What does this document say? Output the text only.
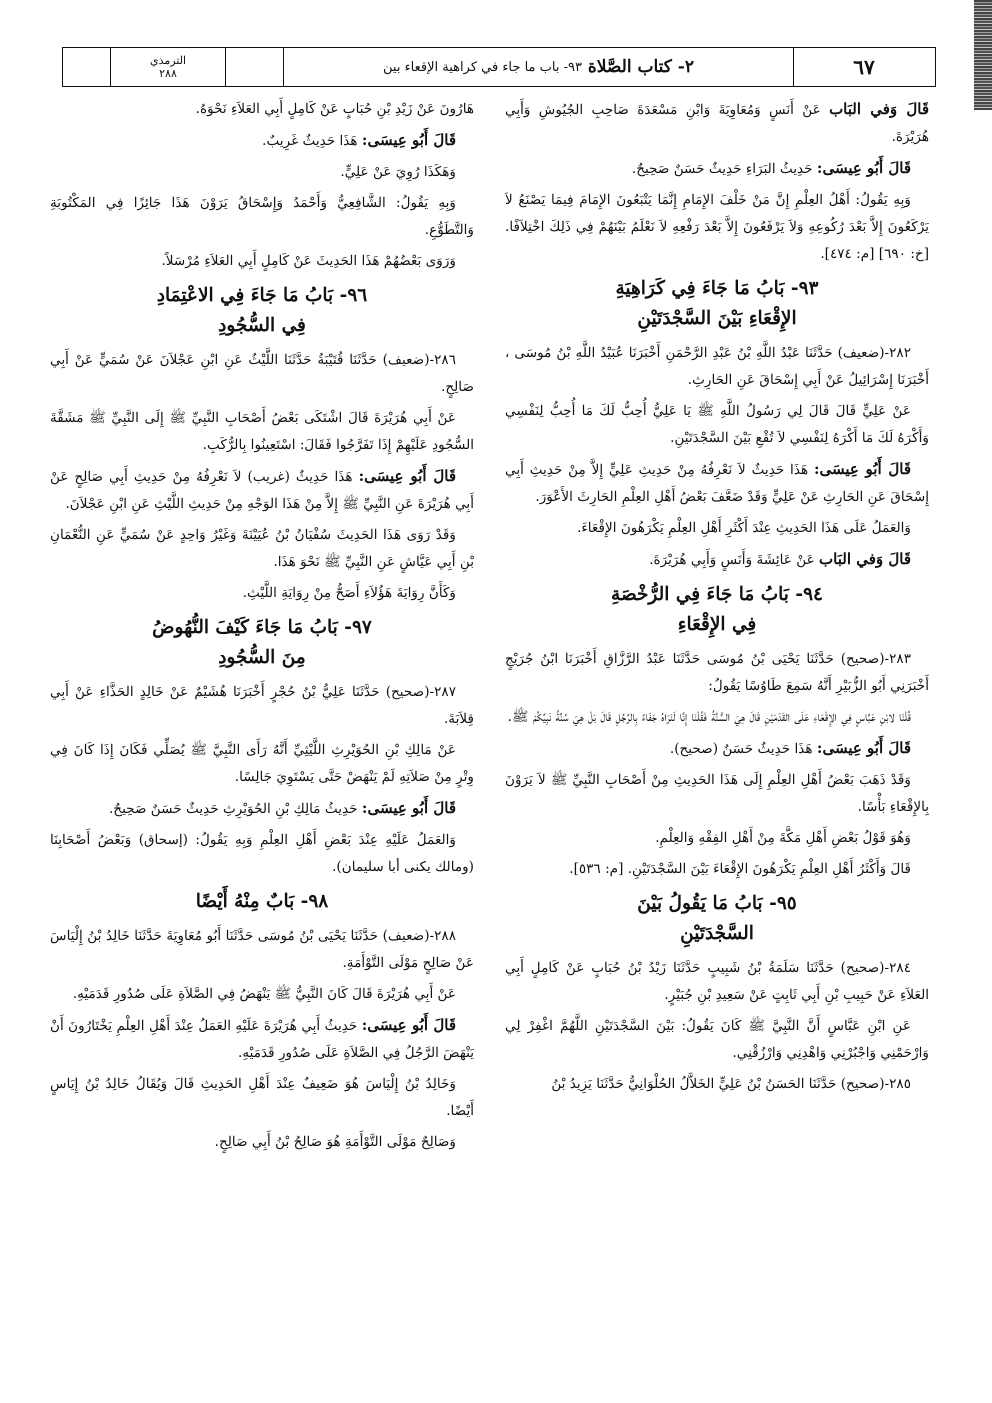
الترمذي
٢٨٨	٢- كتاب الصَّلاة

٩٣- باب ما جاء في كراهية الإقعاء بين	٦٧

قَالَ وَفي البَاب عَنْ أَنَسٍ وَمُعَاوِيَةَ وَابْنِ مَسْعَدَةَ صَاحِبِ الجُيُوشِ وَأَبِي هُرَيْرَةَ.

قَالَ أَبُو عِيسَى: حَدِيثُ البَرَاءِ حَدِيثٌ حَسَنٌ صَحِيحٌ.

وَبِهِ يَقُولُ: أَهْلُ العِلْمِ إِنَّ مَنْ خَلْفَ الإِمَامِ إِنَّمَا يَتْبَعُونَ الإِمَامَ فِيمَا يَصْنَعُ لاَ يَرْكَعُونَ إِلاَّ بَعْدَ رُكُوعِهِ وَلاَ يَرْفَعُونَ إِلاَّ بَعْدَ رَفْعِهِ لاَ نَعْلَمُ بَيْنَهُمْ فِي ذَلِكَ اخْتِلاَفًا. [خ: ٦٩٠] [م: ٤٧٤].

٩٣- بَابُ مَا جَاءَ فِي كَرَاهِيَةِ
الإِقْعَاءِ بَيْنَ السَّجْدَتَيْنِ

٢٨٢-(ضعيف) حَدَّثَنَا عَبْدُ اللَّهِ بْنُ عَبْدِ الرَّحْمَنِ أَخْبَرَنَا عُبَيْدُ اللَّهِ بْنُ مُوسَى ، أَخْبَرَنَا إِسْرَائِيلُ عَنْ أَبِي إِسْحَاقَ عَنِ الحَارِثِ.

عَنْ عَلِيٍّ قَالَ قَالَ لِي رَسُولُ اللَّهِ ﷺ يَا عَلِيُّ أُحِبُّ لَكَ مَا أُحِبُّ لِنَفْسِي وَأَكْرَهُ لَكَ مَا أَكْرَهُ لِنَفْسِي لاَ تُقْعِ بَيْنَ السَّجْدَتَيْنِ.

قَالَ أَبُو عِيسَى: هَذَا حَدِيثٌ لاَ نَعْرِفُهُ مِنْ حَدِيثِ عَلِيٍّ إِلاَّ مِنْ حَدِيثِ أَبِي إِسْحَاقَ عَنِ الحَارِثِ عَنْ عَلِيٍّ وَقَدْ ضَعَّفَ بَعْضُ أَهْلِ العِلْمِ الحَارِثَ الأَعْوَرَ.

وَالعَمَلُ عَلَى هَذَا الحَدِيثِ عِنْدَ أَكْثَرِ أَهْلِ العِلْمِ يَكْرَهُونَ الإِقْعَاءَ.

قَالَ وَفي البَاب عَنْ عَائِشَةَ وَأَنَسٍ وَأَبِي هُرَيْرَةَ.

٩٤- بَابُ مَا جَاءَ فِي الرُّخْصَةِ
فِي الإِقْعَاءِ

٢٨٣-(صحيح) حَدَّثَنَا يَحْيَى بْنُ مُوسَى حَدَّثَنَا عَبْدُ الرَّزَّاقِ أَخْبَرَنَا ابْنُ جُرَيْجٍ أَخْبَرَنِي أَبُو الزُّبَيْرِ أَنَّهُ سَمِعَ طَاوُسًا يَقُولُ:

قُلْنَا لابْنِ عَبَّاسٍ فِي الإِقْعَاءِ عَلَى القَدَمَيْنِ قَالَ هِيَ السُّنَّةُ فَقُلْنَا إِنَّا لَنَرَاهُ جَفَاءً بِالرَّجُلِ قَالَ بَلْ هِيَ سُنَّةُ نَبِيِّكُمْ ﷺ.

قَالَ أَبُو عِيسَى: هَذَا حَدِيثٌ حَسَنٌ (صحيح).

وَقَدْ ذَهَبَ بَعْضُ أَهْلِ العِلْمِ إِلَى هَذَا الحَدِيثِ مِنْ أَصْحَابِ النَّبِيِّ ﷺ لاَ يَرَوْنَ بِالإِقْعَاءِ بَأْسًا.

وَهُوَ قَوْلُ بَعْضِ أَهْلِ مَكَّةَ مِنْ أَهْلِ الفِقْهِ وَالعِلْمِ.

قَالَ وَأَكْثَرُ أَهْلِ العِلْمِ يَكْرَهُونَ الإِقْعَاءَ بَيْنَ السَّجْدَتَيْنِ. [م: ٥٣٦].

٩٥- بَابُ مَا يَقُولُ بَيْنَ
السَّجْدَتَيْنِ

٢٨٤-(صحيح) حَدَّثَنَا سَلَمَةُ بْنُ شَبِيبٍ حَدَّثَنَا زَيْدُ بْنُ حُبَابٍ عَنْ كَامِلٍ أَبِي العَلاَءِ عَنْ حَبِيبِ بْنِ أَبِي ثَابِتٍ عَنْ سَعِيدِ بْنِ جُبَيْرٍ.

عَنِ ابْنِ عَبَّاسٍ أَنَّ النَّبِيَّ ﷺ كَانَ يَقُولُ: بَيْنَ السَّجْدَتَيْنِ اللَّهُمَّ اغْفِرْ لِي وَارْحَمْنِي وَاجْبُرْنِي وَاهْدِنِي وَارْزُقْنِي.

٢٨٥-(صحيح) حَدَّثَنَا الحَسَنُ بْنُ عَلِيٍّ الخَلاَّلُ الحُلْوَانِيُّ حَدَّثَنَا يَزِيدُ بْنُ

هَارُونَ عَنْ زَيْدِ بْنِ حُبَابٍ عَنْ كَامِلٍ أَبِي العَلاَءِ نَحْوَهُ.

قَالَ أَبُو عِيسَى: هَذَا حَدِيثٌ غَرِيبٌ.

وَهَكَذَا رُوِيَ عَنْ عَلِيٍّ.

وَبِهِ يَقُولُ: الشَّافِعِيُّ وَأَحْمَدُ وَإِسْحَاقُ يَرَوْنَ هَذَا جَائِزًا فِي المَكْتُوبَةِ وَالتَّطَوُّعِ.

وَرَوَى بَعْضُهُمْ هَذَا الحَدِيثَ عَنْ كَامِلٍ أَبِي العَلاَءِ مُرْسَلاً.

٩٦- بَابُ مَا جَاءَ فِي الاعْتِمَادِ
فِي السُّجُودِ

٢٨٦-(ضعيف) حَدَّثَنَا قُتَيْبَةُ حَدَّثَنَا اللَّيْثُ عَنِ ابْنِ عَجْلاَنَ عَنْ سُمَيٍّ عَنْ أَبِي صَالِحٍ.

عَنْ أَبِي هُرَيْرَةَ قَالَ اشْتَكَى بَعْضُ أَصْحَابِ النَّبِيِّ ﷺ إِلَى النَّبِيِّ ﷺ مَشَقَّةَ السُّجُودِ عَلَيْهِمْ إِذَا تَفَرَّجُوا فَقَالَ: اسْتَعِينُوا بِالرُّكَبِ.

قَالَ أَبُو عِيسَى: هَذَا حَدِيثٌ (غريب) لاَ نَعْرِفُهُ مِنْ حَدِيثِ أَبِي صَالِحٍ عَنْ أَبِي هُرَيْرَةَ عَنِ النَّبِيِّ ﷺ إِلاَّ مِنْ هَذَا الوَجْهِ مِنْ حَدِيثِ اللَّيْثِ عَنِ ابْنِ عَجْلاَنَ.

وَقَدْ رَوَى هَذَا الحَدِيثَ سُفْيَانُ بْنُ عُيَيْنَةَ وَغَيْرُ وَاحِدٍ عَنْ سُمَيٍّ عَنِ النُّعْمَانِ بْنِ أَبِي عَيَّاشٍ عَنِ النَّبِيِّ ﷺ نَحْوَ هَذَا.

وَكَأَنَّ رِوَايَةَ هَؤُلاَءِ أَصَحُّ مِنْ رِوَايَةِ اللَّيْثِ.

٩٧- بَابُ مَا جَاءَ كَيْفَ النُّهُوضُ
مِنَ السُّجُودِ

٢٨٧-(صحيح) حَدَّثَنَا عَلِيُّ بْنُ حُجْرٍ أَخْبَرَنَا هُشَيْمٌ عَنْ خَالِدٍ الحَذَّاءِ عَنْ أَبِي قِلاَبَةَ.

عَنْ مَالِكِ بْنِ الحُوَيْرِثِ اللَّيْثِيِّ أَنَّهُ رَأَى النَّبِيَّ ﷺ يُصَلِّي فَكَانَ إِذَا كَانَ فِي وِتْرٍ مِنْ صَلاَتِهِ لَمْ يَنْهَضْ حَتَّى يَسْتَوِيَ جَالِسًا.

قَالَ أَبُو عِيسَى: حَدِيثُ مَالِكِ بْنِ الحُوَيْرِثِ حَدِيثٌ حَسَنٌ صَحِيحٌ.

وَالعَمَلُ عَلَيْهِ عِنْدَ بَعْضِ أَهْلِ العِلْمِ وَبِهِ يَقُولُ: (إسحاق) وَبَعْضُ أَصْحَابِنَا (ومالك يكنى أبا سليمان).

٩٨- بَابٌ مِنْهُ أَيْضًا

٢٨٨-(ضعيف) حَدَّثَنَا يَحْيَى بْنُ مُوسَى حَدَّثَنَا أَبُو مُعَاوِيَةَ حَدَّثَنَا خَالِدُ بْنُ إِلْيَاسَ عَنْ صَالِحٍ مَوْلَى التَّوْأَمَةِ.

عَنْ أَبِي هُرَيْرَةَ قَالَ كَانَ النَّبِيُّ ﷺ يَنْهَضُ فِي الصَّلاَةِ عَلَى صُدُورِ قَدَمَيْهِ.

قَالَ أَبُو عِيسَى: حَدِيثُ أَبِي هُرَيْرَةَ عَلَيْهِ العَمَلُ عِنْدَ أَهْلِ العِلْمِ يَخْتَارُونَ أَنْ يَنْهَضَ الرَّجُلُ فِي الصَّلاَةِ عَلَى صُدُورِ قَدَمَيْهِ.

وَخَالِدُ بْنُ إِلْيَاسَ هُوَ ضَعِيفٌ عِنْدَ أَهْلِ الحَدِيثِ قَالَ وَيُقَالُ خَالِدُ بْنُ إِيَاسٍ أَيْضًا.

وَصَالِحٌ مَوْلَى التَّوْأَمَةِ هُوَ صَالِحُ بْنُ أَبِي صَالِحٍ.
